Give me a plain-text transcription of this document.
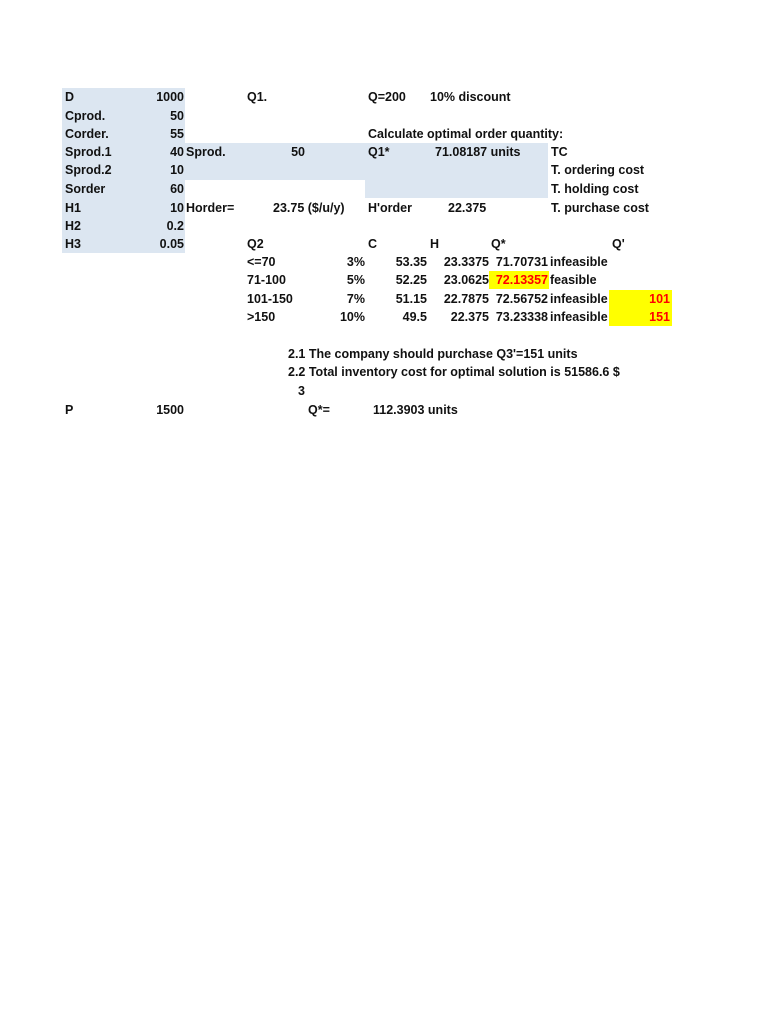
D	1000
Cprod.	50
Corder.	55
Sprod.1	40
Sprod.2	10
Sorder	60
H1	10
H2	0.2
H3	0.05
Sprod.	50
Horder=	23.75 ($/u/y)
Q1.	Q=200 10% discount
Calculate optimal order quantity:
Q1*	71.08187 units
H'order	22.375
TC
T. ordering cost
T. holding cost
T. purchase cost
Q2	C	H	Q*	Q'
<=70	3%	53.35	23.3375 71.70731 infeasible
71-100	5%	52.25	23.0625 72.13357 feasible
101-150	7%	51.15	22.7875 72.56752 infeasible	101
>150	10%	49.5	22.375 73.23338 infeasible	151
2.1 The company should purchase Q3'=151 units
2.2 Total inventory cost for optimal solution is 51586.6 $
3
P	1500	Q*=	112.3903 units
